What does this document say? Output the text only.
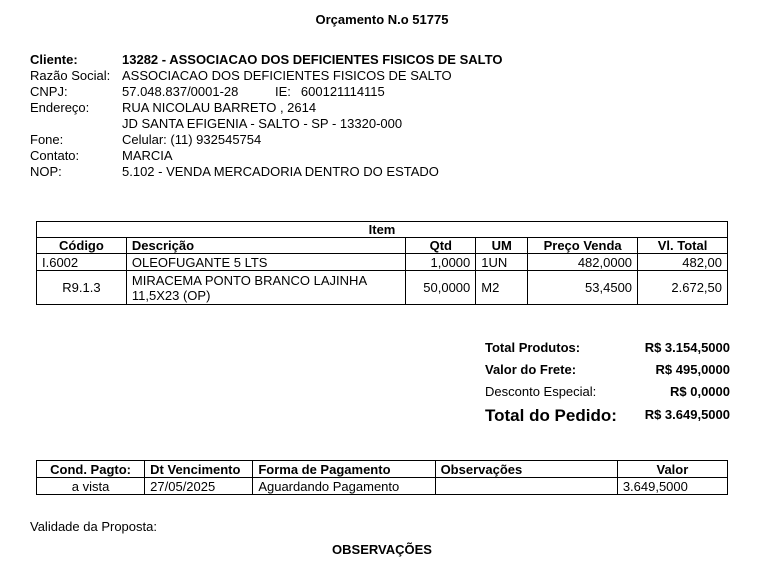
Orçamento N.o 51775
Cliente:	13282 - ASSOCIACAO DOS DEFICIENTES FISICOS DE SALTO
Razão Social: ASSOCIACAO DOS DEFICIENTES FISICOS DE SALTO
CNPJ:	57.048.837/0001-28	IE: 600121114115
Endereço:	RUA NICOLAU BARRETO , 2614
JD SANTA EFIGENIA - SALTO - SP - 13320-000
Fone:	Celular: (11) 932545754
Contato:	MARCIA
NOP:	5.102 - VENDA MERCADORIA DENTRO DO ESTADO
Item					
Código	Descrição	Qtd	UM	Preço Venda	Vl. Total
I.6002	OLEOFUGANTE 5 LTS	1,0000	1UN	482,0000	482,00
R9.1.3	MIRACEMA PONTO BRANCO LAJINHA 11,5X23 (OP)	50,0000	M2	53,4500	2.672,50
Total Produtos:	R$ 3.154,5000
Valor do Frete:	R$ 495,0000
Desconto Especial:	R$ 0,0000
Total do Pedido: R$ 3.649,5000
Cond. Pagto:	Dt Vencimento	Forma de Pagamento	Observações	Valor
a vista	27/05/2025	Aguardando Pagamento		3.649,5000
Validade da Proposta:
OBSERVAÇÕES
